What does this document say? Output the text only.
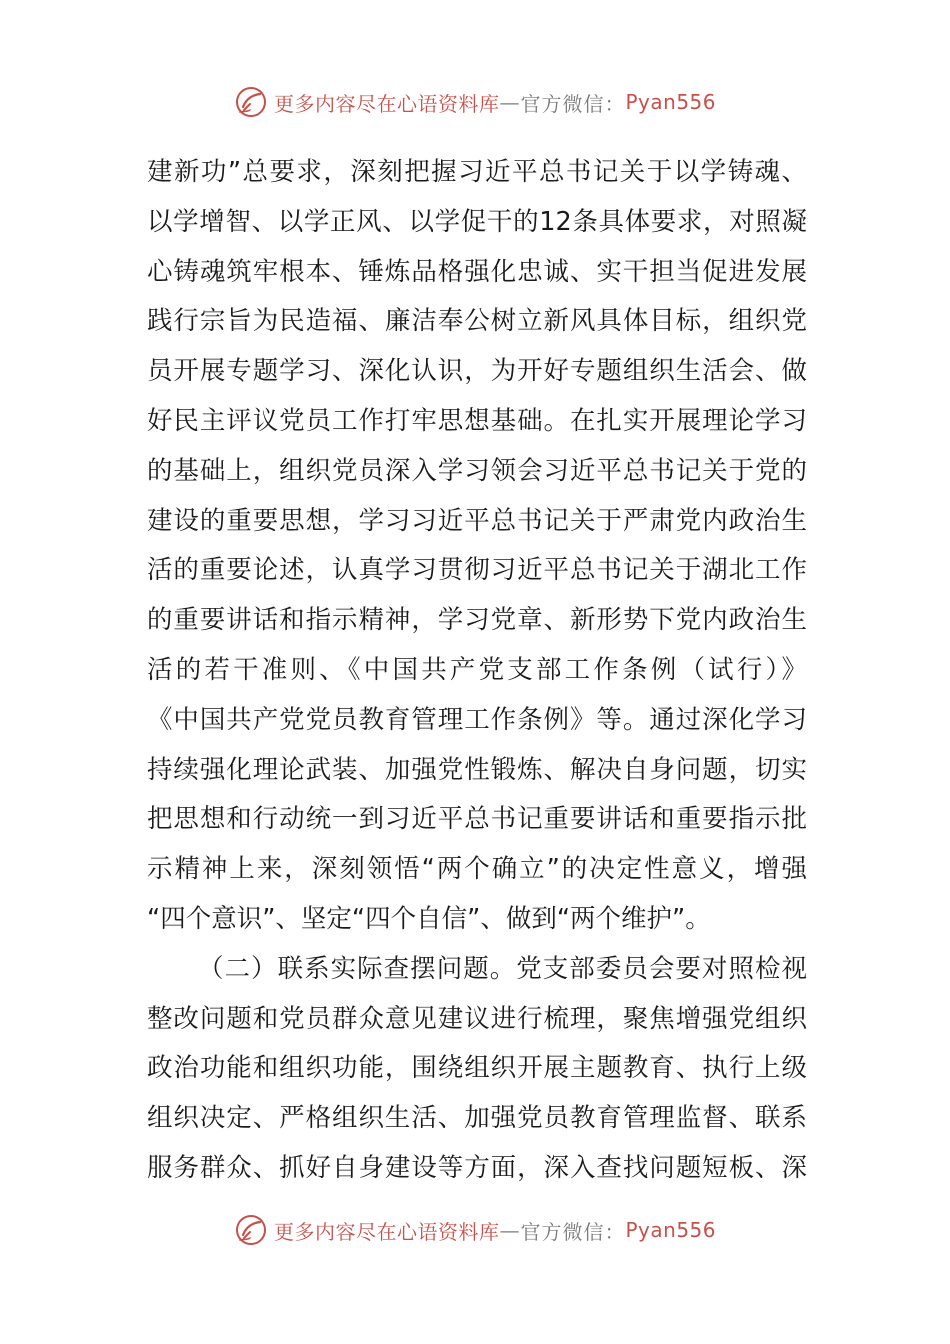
更多内容尽在心语资料库 — 官方微信： Pyan556
建新功”总要求，深刻把握习近平总书记关于以学铸魂、
以学增智、以学正风、以学促干的12条具体要求，对照凝
心铸魂筑牢根本、锤炼品格强化忠诚、实干担当促进发展
践行宗旨为民造福、廉洁奉公树立新风具体目标，组织党
员开展专题学习、深化认识，为开好专题组织生活会、做
好民主评议党员工作打牢思想基础。在扎实开展理论学习
的基础上，组织党员深入学习领会习近平总书记关于党的
建设的重要思想，学习习近平总书记关于严肃党内政治生
活的重要论述，认真学习贯彻习近平总书记关于湖北工作
的重要讲话和指示精神，学习党章、新形势下党内政治生
活的若干准则、《中国共产党支部工作条例（试行）》
《中国共产党党员教育管理工作条例》等。通过深化学习
持续强化理论武装、加强党性锻炼、解决自身问题，切实
把思想和行动统一到习近平总书记重要讲话和重要指示批
示精神上来，深刻领悟“两个确立”的决定性意义，增强
“四个意识”、坚定“四个自信”、做到“两个维护”。
（二）联系实际查摆问题。党支部委员会要对照检视
整改问题和党员群众意见建议进行梳理，聚焦增强党组织
政治功能和组织功能，围绕组织开展主题教育、执行上级
组织决定、严格组织生活、加强党员教育管理监督、联系
服务群众、抓好自身建设等方面，深入查找问题短板、深
更多内容尽在心语资料库 — 官方微信： Pyan556
